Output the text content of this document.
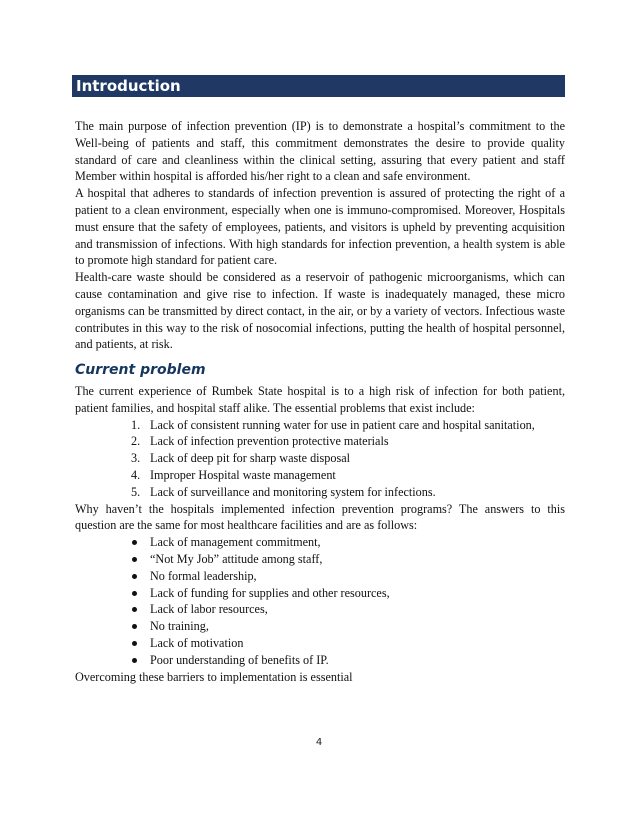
Introduction

The main purpose of infection prevention (IP) is to demonstrate a hospital’s commitment to the Well-being of patients and staff, this commitment demonstrates the desire to provide quality standard of care and cleanliness within the clinical setting, assuring that every patient and staff Member within hospital is afforded his/her right to a clean and safe environment.

A hospital that adheres to standards of infection prevention is assured of protecting the right of a patient to a clean environment, especially when one is immuno-compromised. Moreover, Hospitals must ensure that the safety of employees, patients, and visitors is upheld by preventing acquisition and transmission of infections. With high standards for infection prevention, a health system is able to promote high standard for patient care.

Health-care waste should be considered as a reservoir of pathogenic microorganisms, which can cause contamination and give rise to infection. If waste is inadequately managed, these micro organisms can be transmitted by direct contact, in the air, or by a variety of vectors. Infectious waste contributes in this way to the risk of nosocomial infections, putting the health of hospital personnel, and patients, at risk.

Current problem

The current experience of Rumbek State hospital is to a high risk of infection for both patient, patient families, and hospital staff alike. The essential problems that exist include:

1. Lack of consistent running water for use in patient care and hospital sanitation,
2. Lack of infection prevention protective materials
3. Lack of deep pit for sharp waste disposal
4. Improper Hospital waste management
5. Lack of surveillance and monitoring system for infections.

Why haven’t the hospitals implemented infection prevention programs? The answers to this question are the same for most healthcare facilities and are as follows:

Lack of management commitment,
“Not My Job” attitude among staff,
No formal leadership,
Lack of funding for supplies and other resources,
Lack of labor resources,
No training,
Lack of motivation
Poor understanding of benefits of IP.

Overcoming these barriers to implementation is essential

4
